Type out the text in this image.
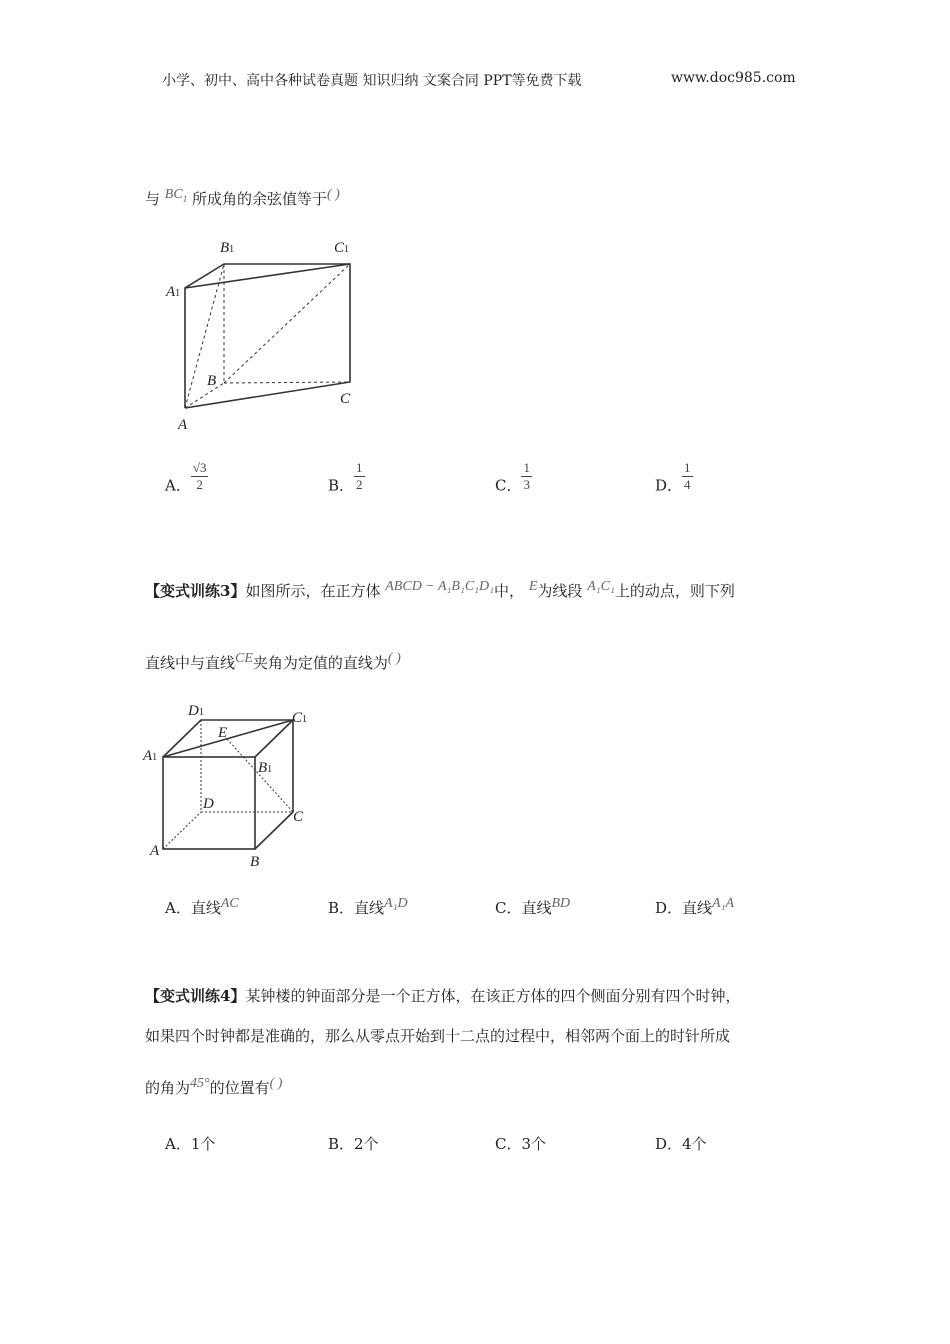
小学、初中、高中各种试卷真题 知识归纳 文案合同 PPT等免费下载	www.doc985.com
与 $BC_1$ 所成角的余弦值等于( )
B1	C1
A1
B
C
A
D1	C1
E
A1
B1
D
C
A
B
A． $\frac{√3}{2}$	B． $\frac{1}{2}$	C． $\frac{1}{3}$	D． $\frac{1}{4}$
【变式训练3】如图所示，在正方体 ABCD − A₁B₁C₁D₁中， E为线段 A₁C₁上的动点，则下列
直线中与直线CE夹角为定值的直线为( )
A．直线AC	B．直线A₁D	C．直线BD	D．直线A₁A
【变式训练4】某钟楼的钟面部分是一个正方体，在该正方体的四个侧面分别有四个时钟，
如果四个时钟都是准确的，那么从零点开始到十二点的过程中，相邻两个面上的时针所成
的角为45°的位置有( )
A．1个	B．2个	C．3个	D．4个
